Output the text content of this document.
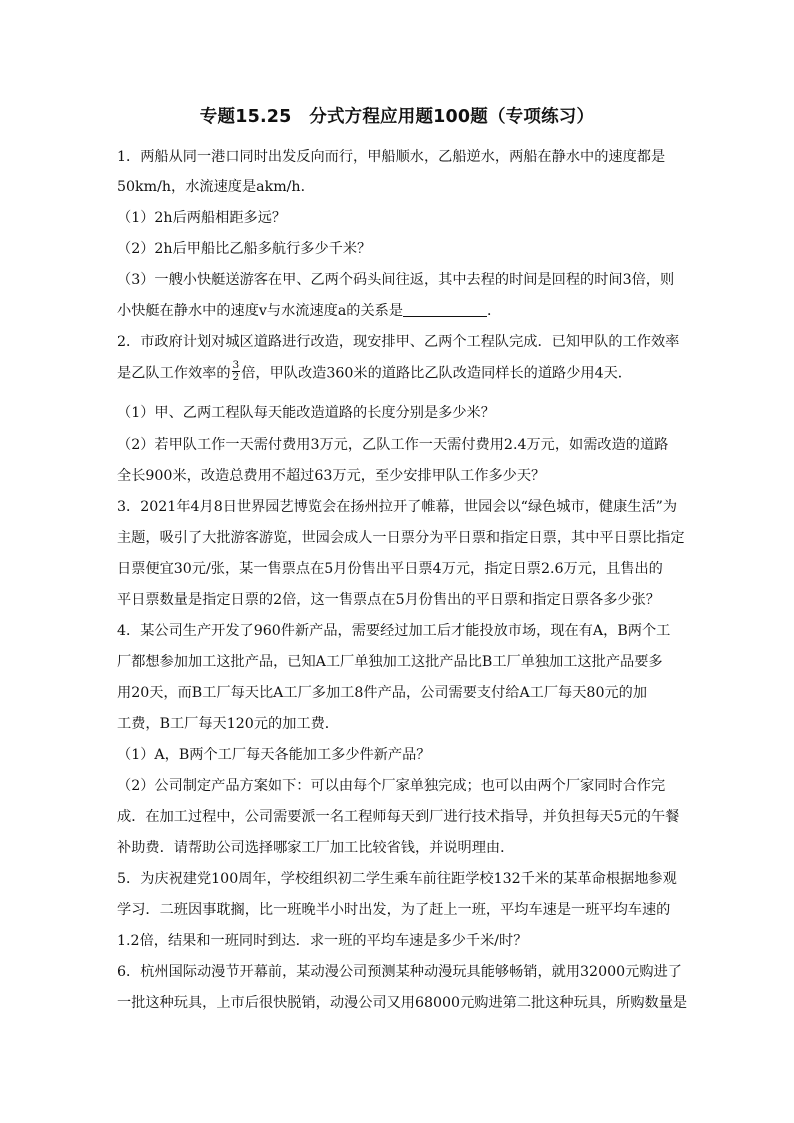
专题15.25　分式方程应用题100题（专项练习）
1．两船从同一港口同时出发反向而行，甲船顺水，乙船逆水，两船在静水中的速度都是
50km/h，水流速度是akm/h．
（1）2h后两船相距多远？
（2）2h后甲船比乙船多航行多少千米？
（3）一艘小快艇送游客在甲、乙两个码头间往返，其中去程的时间是回程的时间3倍，则
小快艇在静水中的速度v与水流速度a的关系是	．
2．市政府计划对城区道路进行改造，现安排甲、乙两个工程队完成．已知甲队的工作效率
是乙队工作效率的 $\frac{3}{2}$ 倍，甲队改造360米的道路比乙队改造同样长的道路少用4天．
（1）甲、乙两工程队每天能改造道路的长度分别是多少米？
（2）若甲队工作一天需付费用3万元，乙队工作一天需付费用2.4万元，如需改造的道路
全长900米，改造总费用不超过63万元，至少安排甲队工作多少天？
3．2021年4月8日世界园艺博览会在扬州拉开了帷幕，世园会以“绿色城市，健康生活”为
主题，吸引了大批游客游览，世园会成人一日票分为平日票和指定日票，其中平日票比指定
日票便宜30元/张，某一售票点在5月份售出平日票4万元，指定日票2.6万元，且售出的
平日票数量是指定日票的2倍，这一售票点在5月份售出的平日票和指定日票各多少张？
4．某公司生产开发了960件新产品，需要经过加工后才能投放市场，现在有A，B两个工
厂都想参加加工这批产品，已知A工厂单独加工这批产品比B工厂单独加工这批产品要多
用20天，而B工厂每天比A工厂多加工8件产品，公司需要支付给A工厂每天80元的加
工费，B工厂每天120元的加工费．
（1）A，B两个工厂每天各能加工多少件新产品？
（2）公司制定产品方案如下：可以由每个厂家单独完成；也可以由两个厂家同时合作完
成．在加工过程中，公司需要派一名工程师每天到厂进行技术指导，并负担每天5元的午餐
补助费．请帮助公司选择哪家工厂加工比较省钱，并说明理由．
5．为庆祝建党100周年，学校组织初二学生乘车前往距学校132千米的某革命根据地参观
学习．二班因事耽搁，比一班晚半小时出发，为了赶上一班，平均车速是一班平均车速的
1.2倍，结果和一班同时到达．求一班的平均车速是多少千米/时？
6．杭州国际动漫节开幕前，某动漫公司预测某种动漫玩具能够畅销，就用32000元购进了
一批这种玩具，上市后很快脱销，动漫公司又用68000元购进第二批这种玩具，所购数量是
